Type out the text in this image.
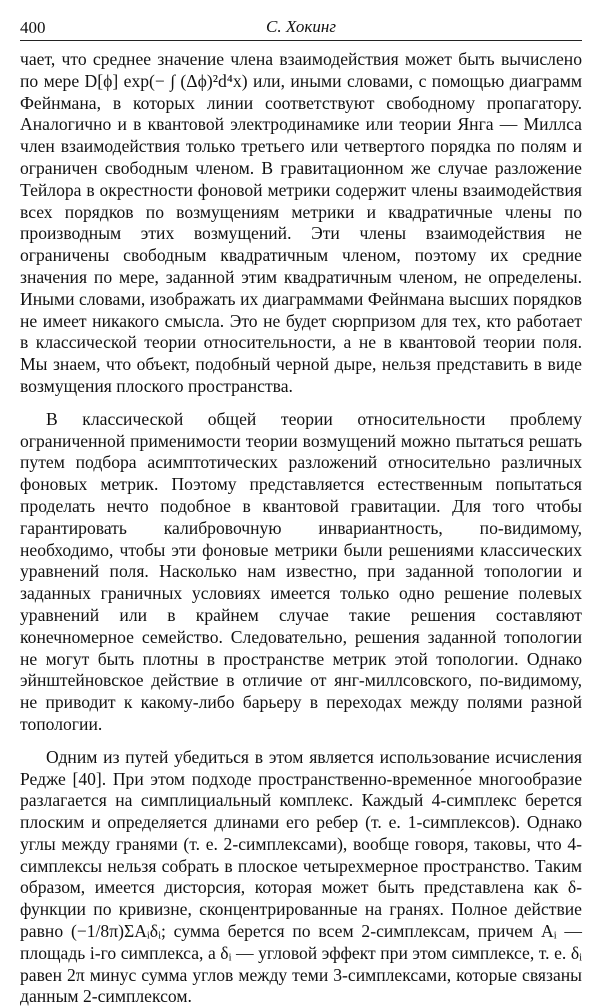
400	С. Хокинг

чает, что среднее значение члена взаимодействия может быть вычислено по мере D[ϕ] exp(− ∫ (Δϕ)²d⁴x) или, иными словами, с помощью диаграмм Фейнмана, в которых линии соответствуют свободному пропагатору. Аналогично и в квантовой электродинамике или теории Янга — Миллса член взаимодействия только третьего или четвертого порядка по полям и ограничен свободным членом. В гравитационном же случае разложение Тейлора в окрестности фоновой метрики содержит члены взаимодействия всех порядков по возмущениям метрики и квадратичные члены по производным этих возмущений. Эти члены взаимодействия не ограничены свободным квадратичным членом, поэтому их средние значения по мере, заданной этим квадратичным членом, не определены. Иными словами, изображать их диаграммами Фейнмана высших порядков не имеет никакого смысла. Это не будет сюрпризом для тех, кто работает в классической теории относительности, а не в квантовой теории поля. Мы знаем, что объект, подобный черной дыре, нельзя представить в виде возмущения плоского пространства.

В классической общей теории относительности проблему ограниченной применимости теории возмущений можно пытаться решать путем подбора асимптотических разложений относительно различных фоновых метрик. Поэтому представляется естественным попытаться проделать нечто подобное в квантовой гравитации. Для того чтобы гарантировать калибровочную инвариантность, по-видимому, необходимо, чтобы эти фоновые метрики были решениями классических уравнений поля. Насколько нам известно, при заданной топологии и заданных граничных условиях имеется только одно решение полевых уравнений или в крайнем случае такие решения составляют конечномерное семейство. Следовательно, решения заданной топологии не могут быть плотны в пространстве метрик этой топологии. Однако эйнштейновское действие в отличие от янг-миллсовского, по-видимому, не приводит к какому-либо барьеру в переходах между полями разной топологии.

Одним из путей убедиться в этом является использование исчисления Редже [40]. При этом подходе пространственно-временно́е многообразие разлагается на симплициальный комплекс. Каждый 4-симплекс берется плоским и определяется длинами его ребер (т. е. 1-симплексов). Однако углы между гранями (т. е. 2-симплексами), вообще говоря, таковы, что 4-симплексы нельзя собрать в плоское четырехмерное пространство. Таким образом, имеется дисторсия, которая может быть представлена как δ-функции по кривизне, сконцентрированные на гранях. Полное действие равно (−1/8π)ΣAᵢδᵢ; сумма берется по всем 2-симплексам, причем Aᵢ — площадь i-го симплекса, а δᵢ — угловой эффект при этом симплексе, т. е. δᵢ равен 2π минус сумма углов между теми 3-симплексами, которые связаны данным 2-симплексом.
